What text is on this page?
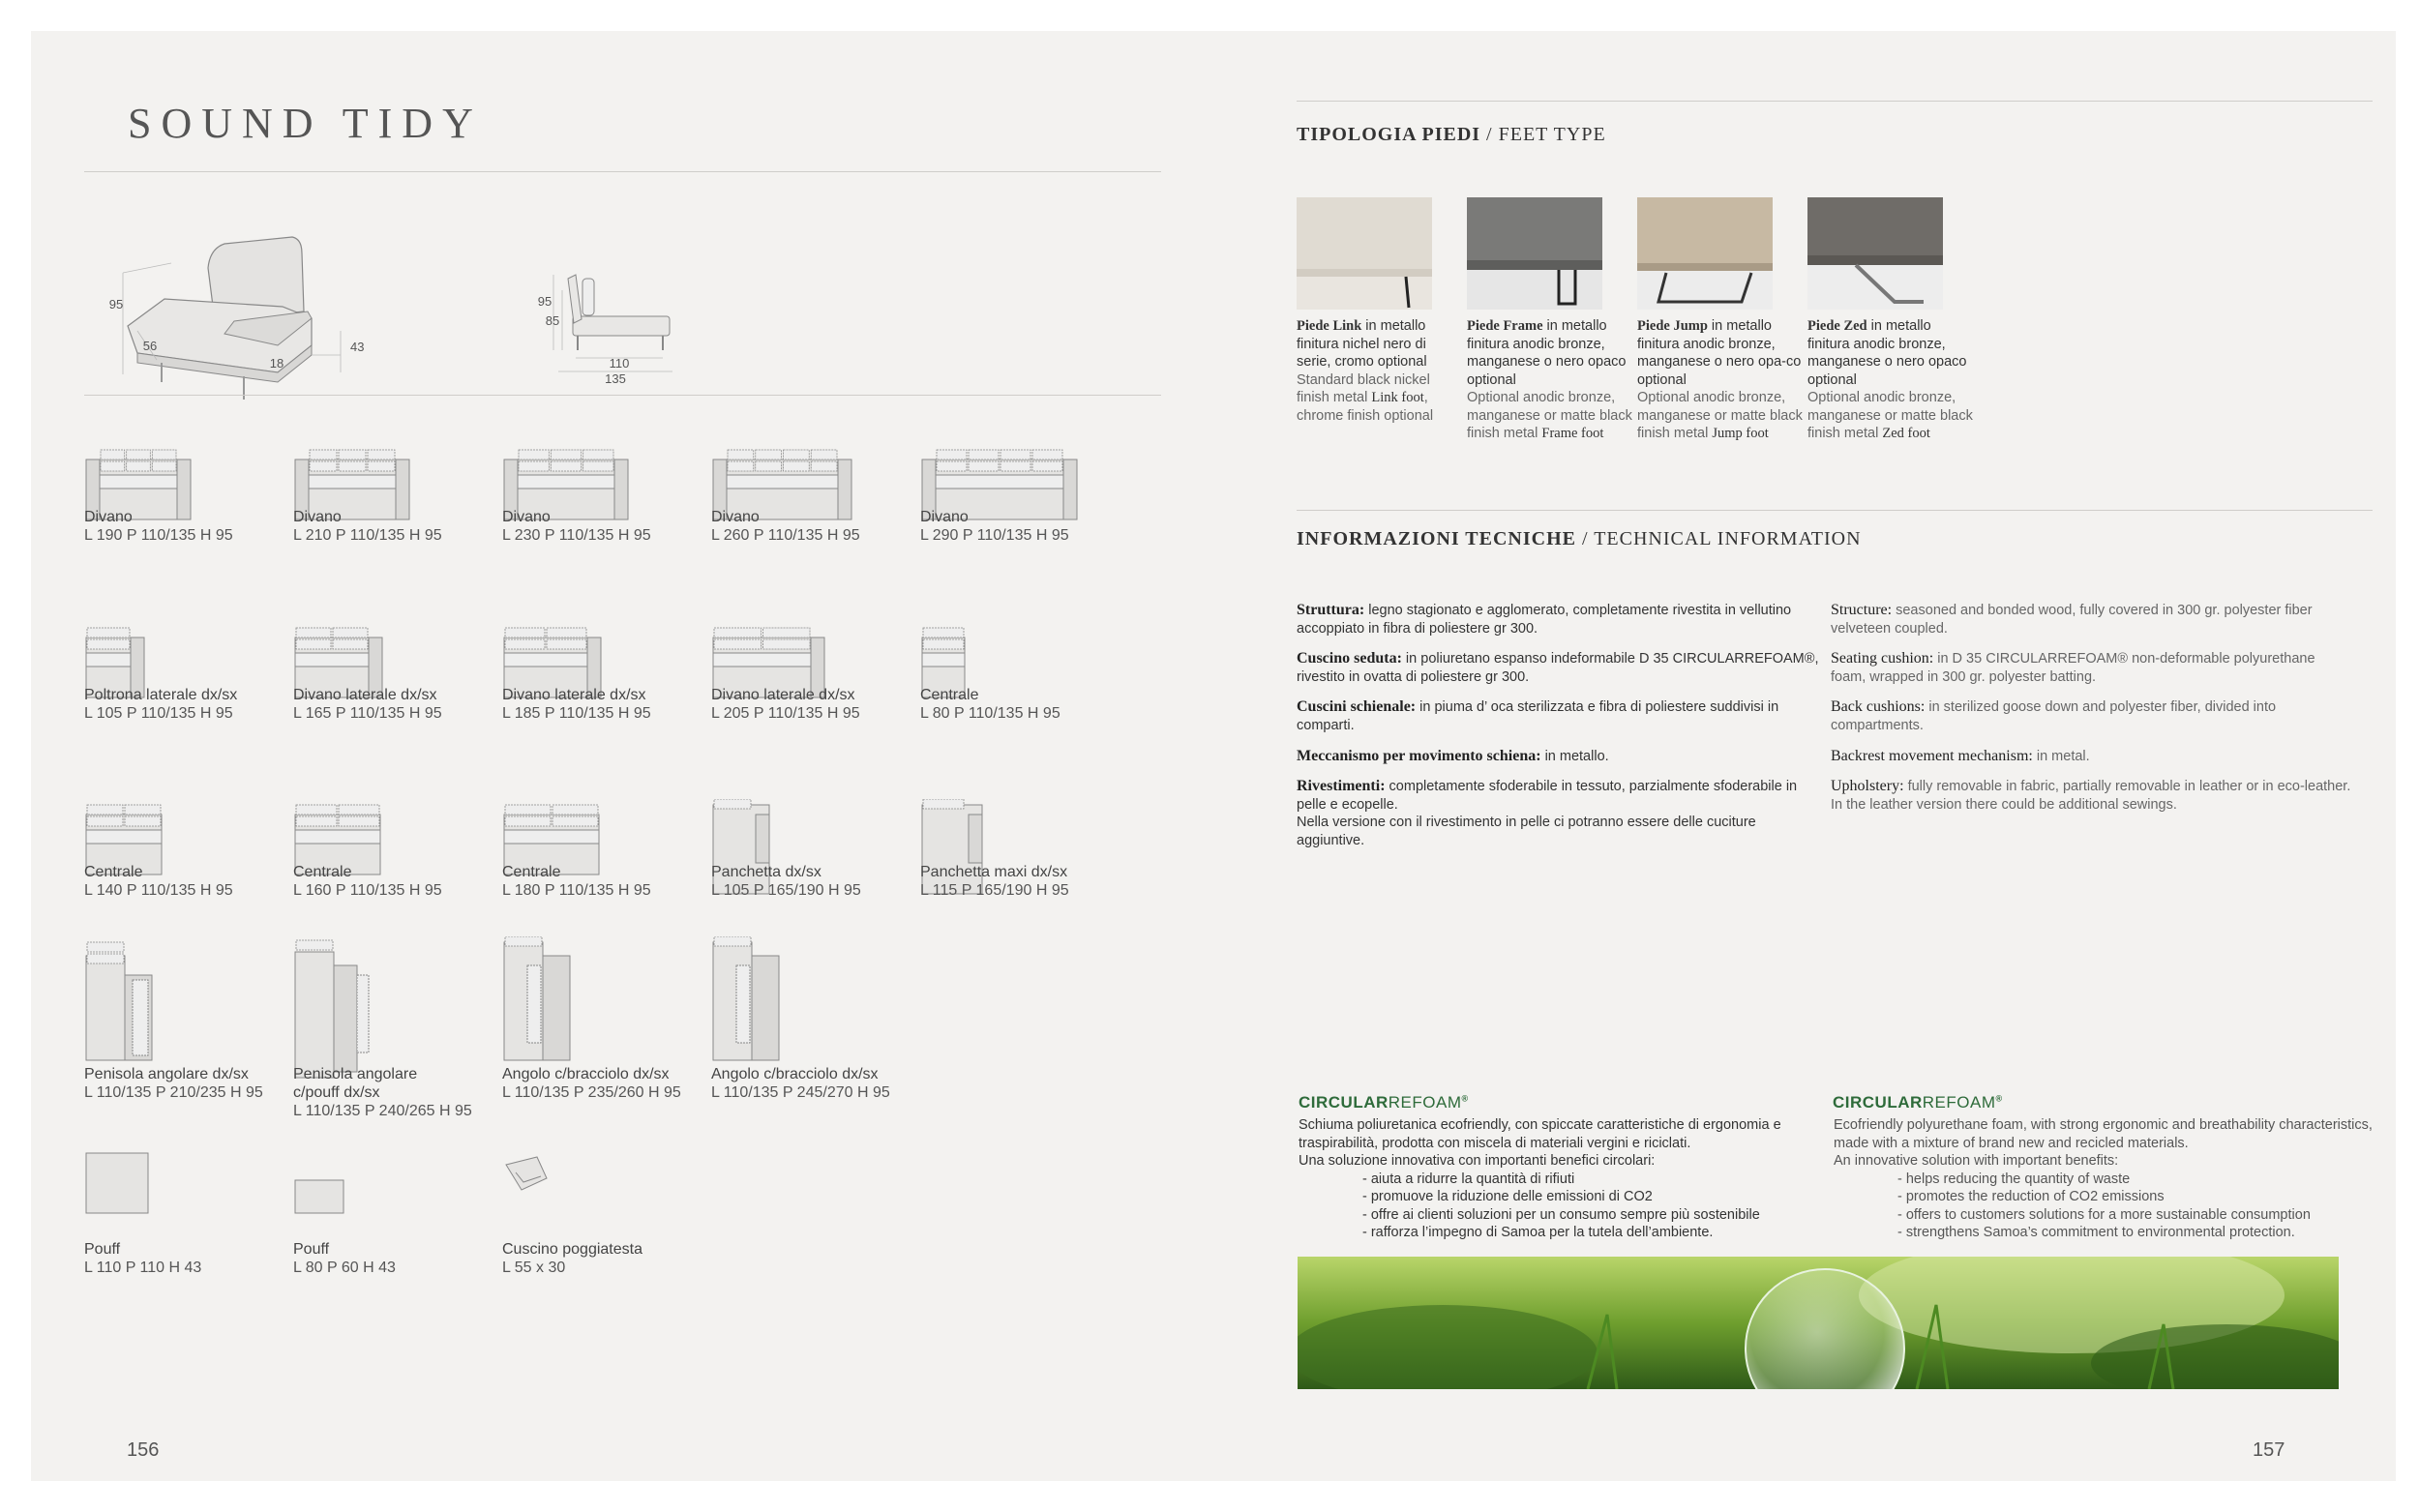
SOUND TIDY
95
56	43
18
95
85
110
135
Divano
L 190 P 110/135 H 95
Divano
L 210 P 110/135 H 95
Divano
L 230 P 110/135 H 95
Divano
L 260 P 110/135 H 95
Divano
L 290 P 110/135 H 95
Poltrona laterale dx/sx
L 105 P 110/135 H 95
Divano laterale dx/sx
L 165 P 110/135 H 95
Divano laterale dx/sx
L 185 P 110/135 H 95
Divano laterale dx/sx
L 205 P 110/135 H 95
Centrale
L 80 P 110/135 H 95
Centrale
L 140 P 110/135 H 95
Centrale
L 160 P 110/135 H 95
Centrale
L 180 P 110/135 H 95
Panchetta dx/sx
L 105 P 165/190 H 95
Panchetta maxi dx/sx
L 115 P 165/190 H 95
Penisola angolare dx/sx
L 110/135 P 210/235 H 95
Penisola angolare
c/pouff dx/sx
L 110/135 P 240/265 H 95
Angolo c/bracciolo dx/sx
L 110/135 P 235/260 H 95
Angolo c/bracciolo dx/sx
L 110/135 P 245/270 H 95
Pouff
L 110 P 110 H 43
Pouff
L 80 P 60 H 43
Cuscino poggiatesta
L 55 x 30
156
TIPOLOGIA PIEDI / FEET TYPE
Piede Link in metallo finitura nichel nero di serie, cromo optional
Standard black nickel finish metal Link foot, chrome finish optional
Piede Frame in metallo finitura anodic bronze, manganese o nero opaco optional
Optional anodic bronze, manganese or matte black finish metal Frame foot
Piede Jump in metallo finitura anodic bronze, manganese o nero opa-co optional
Optional anodic bronze, manganese or matte black finish metal Jump foot
Piede Zed in metallo finitura anodic bronze, manganese o nero opaco optional
Optional anodic bronze, manganese or matte black finish metal Zed foot
INFORMAZIONI TECNICHE / TECHNICAL INFORMATION
Struttura: legno stagionato e agglomerato, completamente rivestita in vellutino accoppiato in fibra di poliestere gr 300.
Cuscino seduta: in poliuretano espanso indeformabile D 35 CIRCULARREFOAM®, rivestito in ovatta di poliestere gr 300.
Cuscini schienale: in piuma d’ oca sterilizzata e fibra di poliestere suddivisi in comparti.
Meccanismo per movimento schiena: in metallo.
Rivestimenti: completamente sfoderabile in tessuto, parzialmente sfoderabile in pelle e ecopelle.
Nella versione con il rivestimento in pelle ci potranno essere delle cuciture aggiuntive.
Structure: seasoned and bonded wood, fully covered in 300 gr. polyester fiber velveteen coupled.
Seating cushion: in D 35 CIRCULARREFOAM® non-deformable polyurethane foam, wrapped in 300 gr. polyester batting.
Back cushions: in sterilized goose down and polyester fiber, divided into compartments.
Backrest movement mechanism: in metal.
Upholstery: fully removable in fabric, partially removable in leather or in eco-leather.
In the leather version there could be additional sewings.
CIRCULARREFOAM®	CIRCULARREFOAM®
Schiuma poliuretanica ecofriendly, con spiccate caratteristiche di ergonomia e traspirabilità, prodotta con miscela di materiali vergini e riciclati.
Una soluzione innovativa con importanti benefici circolari:
- aiuta a ridurre la quantità di rifiuti
- promuove la riduzione delle emissioni di CO2
- offre ai clienti soluzioni per un consumo sempre più sostenibile
- rafforza l’impegno di Samoa per la tutela dell’ambiente.
Ecofriendly polyurethane foam, with strong ergonomic and breathability characteristics, made with a mixture of brand new and recicled materials.
An innovative solution with important benefits:
- helps reducing the quantity of waste
- promotes the reduction of CO2 emissions
- offers to customers solutions for a more sustainable consumption
- strengthens Samoa’s commitment to environmental protection.
157
